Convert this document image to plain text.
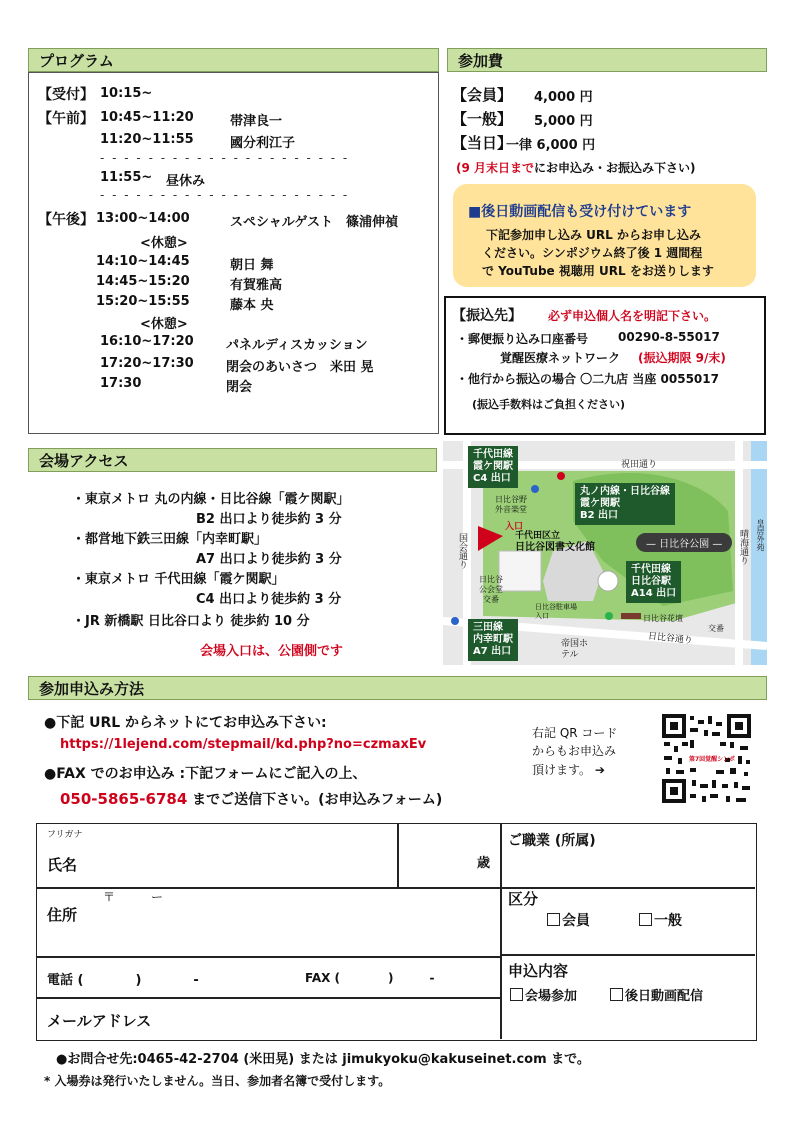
プログラム
【受付】 10:15~
【午前】 10:45~11:20	帯津良一
11:20~11:55	國分利江子
- - - - - - - - - - - - - - - - - - - - -
11:55~ 昼休み
- - - - - - - - - - - - - - - - - - - - -
【午後】 13:00~14:00	スペシャルゲスト　篠浦伸禎
<休憩>
14:10~14:45	朝日 舞
14:45~15:20	有賀雅高
15:20~15:55	藤本 央
<休憩>
16:10~17:20 パネルディスカッション
17:20~17:30 閉会のあいさつ　米田 晃
17:30	閉会
参加費
【会員】 4,000 円
【一般】 5,000 円
【当日】
一律 6,000 円
(9 月末日までにお申込み・お振込み下さい)
■後日動画配信も受け付けています
下記参加申し込み URL からお申し込み
ください。シンポジウム終了後 1 週間程
で YouTube 視聴用 URL をお送りします
【振込先】 必ず申込個人名を明記下さい。
・郵便振り込み口座番号 00290-8-55017
覚醒医療ネットワーク (振込期限 9/末)
・他行から振込の場合 〇二九店 当座 0055017
(振込手数料はご負担ください)
会場アクセス
・東京メトロ 丸の内線・日比谷線「霞ケ関駅」
B2 出口より徒歩約 3 分
・都営地下鉄三田線「内幸町駅」
A7 出口より徒歩約 3 分
・東京メトロ 千代田線「霞ケ関駅」
C4 出口より徒歩約 3 分
・JR 新橋駅 日比谷口より 徒歩約 10 分
会場入口は、公園側です
千代田線
霞ケ関駅
C4 出口
丸ノ内線・日比谷線
霞ケ関駅
B2 出口
千代田線
日比谷駅
A14 出口
三田線
内幸町駅
A7 出口
— 日比谷公園 —
千代田区立
日比谷図書文化館
入口
祝田通り
日比谷通り
晴海通り
国会通り	皇居外苑
日比谷野外音楽堂
日比谷公会堂
日比谷駐車場
入口	日比谷花壇
帝国ホテル
交番
交番
参加申込み方法
●下記 URL からネットにてお申込み下さい:
https://1lejend.com/stepmail/kd.php?no=czmaxEv
●FAX でのお申込み :下記フォームにご記入の上、
050-5865-6784 までご送信下さい。(お申込みフォーム)
右記 QR コード
からもお申込み
頂けます。 ➔
第7回覚醒シンポ
フリガナ
氏名	歳
ご職業 (所属)
〒　　　ー
住所
区分
会員	一般
電話 (　　　　)　　　　-	FAX (　　　　)　　　-
メールアドレス
申込内容
会場参加	後日動画配信
●お問合せ先:0465-42-2704 (米田晃) または jimukyoku@kakuseinet.com まで。
* 入場券は発行いたしません。当日、参加者名簿で受付します。
